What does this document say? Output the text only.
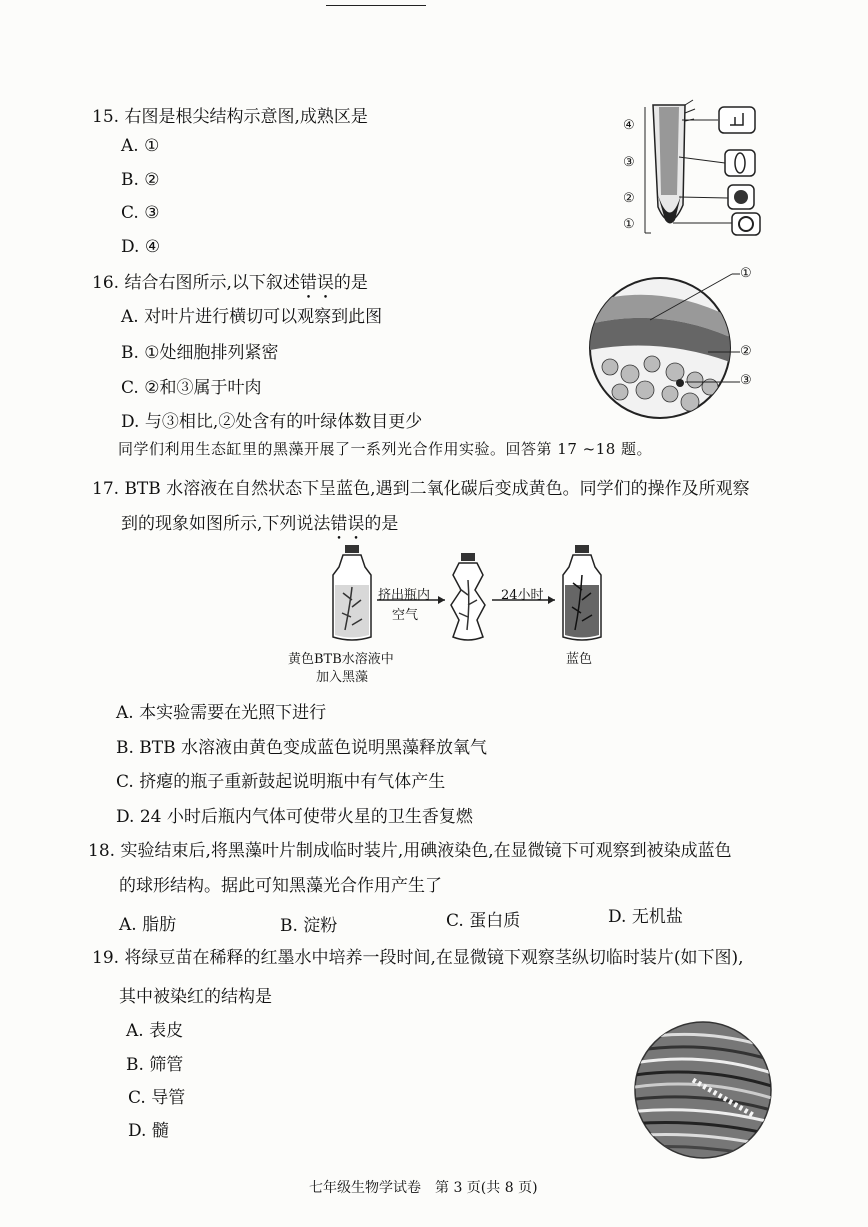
15. 右图是根尖结构示意图,成熟区是
A. ①
B. ②
C. ③
D. ④
④
③
②
①
16. 结合右图所示,以下叙述错误的是
A. 对叶片进行横切可以观察到此图
B. ①处细胞排列紧密
C. ②和③属于叶肉
D. 与③相比,②处含有的叶绿体数目更少
①
②
③
同学们利用生态缸里的黑藻开展了一系列光合作用实验。回答第 17 ~18 题。
17. BTB 水溶液在自然状态下呈蓝色,遇到二氧化碳后变成黄色。同学们的操作及所观察
到的现象如图所示,下列说法错误的是
挤出瓶内
空气
24小时
黄色BTB水溶液中
加入黑藻
蓝色
A. 本实验需要在光照下进行
B. BTB 水溶液由黄色变成蓝色说明黑藻释放氧气
C. 挤瘪的瓶子重新鼓起说明瓶中有气体产生
D. 24 小时后瓶内气体可使带火星的卫生香复燃
18. 实验结束后,将黑藻叶片制成临时装片,用碘液染色,在显微镜下可观察到被染成蓝色
的球形结构。据此可知黑藻光合作用产生了
A. 脂肪	B. 淀粉	C. 蛋白质	D. 无机盐
19. 将绿豆苗在稀释的红墨水中培养一段时间,在显微镜下观察茎纵切临时装片(如下图),
其中被染红的结构是
A. 表皮
B. 筛管
C. 导管
D. 髓
七年级生物学试卷　第 3 页(共 8 页)
